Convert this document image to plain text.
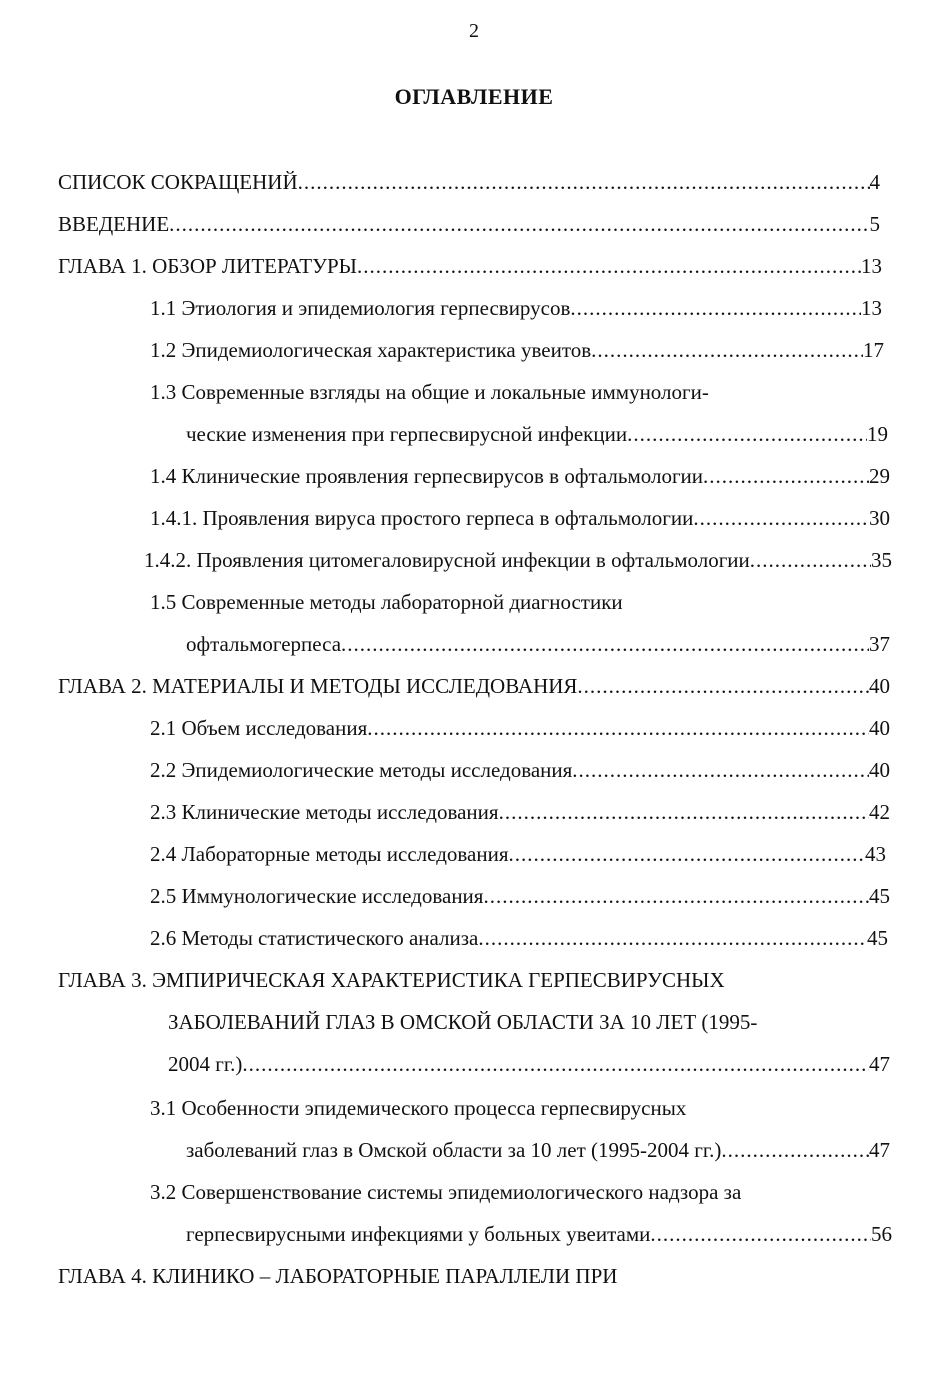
2
ОГЛАВЛЕНИЕ
СПИСОК СОКРАЩЕНИЙ .....	4
ВВЕДЕНИЕ .....	5
ГЛАВА 1. ОБЗОР ЛИТЕРАТУРЫ .....	13
1.1 Этиология и эпидемиология герпесвирусов .....	13
1.2 Эпидемиологическая характеристика увеитов .....	17
1.3 Современные взгляды на общие и локальные иммунологи-
ческие изменения при герпесвирусной инфекции .....	19
1.4 Клинические проявления герпесвирусов в офтальмологии .....	29
1.4.1. Проявления вируса простого герпеса в офтальмологии .....	30
1.4.2. Проявления цитомегаловирусной инфекции в офтальмологии .....	35
1.5 Современные методы лабораторной диагностики
офтальмогерпеса .....	37
ГЛАВА 2. МАТЕРИАЛЫ И МЕТОДЫ ИССЛЕДОВАНИЯ .....	40
2.1 Объем исследования .....	40
2.2 Эпидемиологические методы исследования .....	40
2.3 Клинические методы исследования .....	42
2.4 Лабораторные методы исследования .....	43
2.5 Иммунологические исследования .....	45
2.6 Методы статистического анализа .....	45
ГЛАВА 3. ЭМПИРИЧЕСКАЯ ХАРАКТЕРИСТИКА ГЕРПЕСВИРУСНЫХ
ЗАБОЛЕВАНИЙ ГЛАЗ В ОМСКОЙ ОБЛАСТИ ЗА 10 ЛЕТ (1995-
2004 гг.) .....	47
3.1 Особенности эпидемического процесса герпесвирусных
заболеваний глаз в Омской области за 10 лет (1995-2004 гг.) .....	47
3.2 Совершенствование системы эпидемиологического надзора за
герпесвирусными инфекциями у больных увеитами .....	56
ГЛАВА 4. КЛИНИКО – ЛАБОРАТОРНЫЕ ПАРАЛЛЕЛИ ПРИ
